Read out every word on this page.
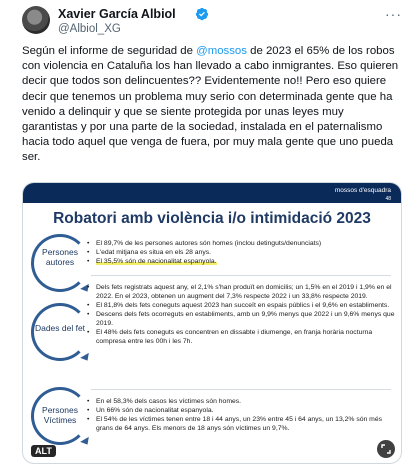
Xavier García Albiol
@Albiol_XG
···
Según el informe de seguridad de @mossos de 2023 el 65% de los robos con violencia en Cataluña los han llevado a cabo inmigrantes. Eso quieren decir que todos son delincuentes?? Evidentemente no!! Pero eso quiere decir que tenemos un problema muy serio con determinada gente que ha venido a delinquir y que se siente protegida por unas leyes muy garantistas y por una parte de la sociedad, instalada en el paternalismo hacia todo aquel que venga de fuera, por muy mala gente que uno pueda ser.
mossos d'esquadra
48
Robatori amb violència i/o intimidació 2023
Persones autores
• El 89,7% de les persones autores són homes (inclou detinguts/denunciats)
• L'edat mitjana es situa en els 28 anys.
• El 35,5% són de nacionalitat espanyola.
Dades del fet
• Dels fets registrats aquest any, el 2,1% s'han produït en domicilis; un 1,5% en el 2019 i 1,9% en el 2022. En el 2023, obtenen un augment del 7,3% respecte 2022 i un 33,8% respecte 2019.
• El 81,8% dels fets coneguts aquest 2023 han succeït en espais públics i el 9,6% en establiments.
• Descens dels fets ocorreguts en establiments, amb un 9,9% menys que 2022 i un 9,6% menys que 2019.
• El 48% dels fets coneguts es concentren en dissabte i diumenge, en franja horària nocturna compresa entre les 00h i les 7h.
Persones Víctimes
• En el 58,3% dels casos les víctimes són homes.
• Un 66% són de nacionalitat espanyola.
• El 54% de les víctimes tenen entre 18 i 44 anys, un 23% entre 45 i 64 anys, un 13,2% són més grans de 64 anys. Els menors de 18 anys són víctimes un 9,7%.
ALT
